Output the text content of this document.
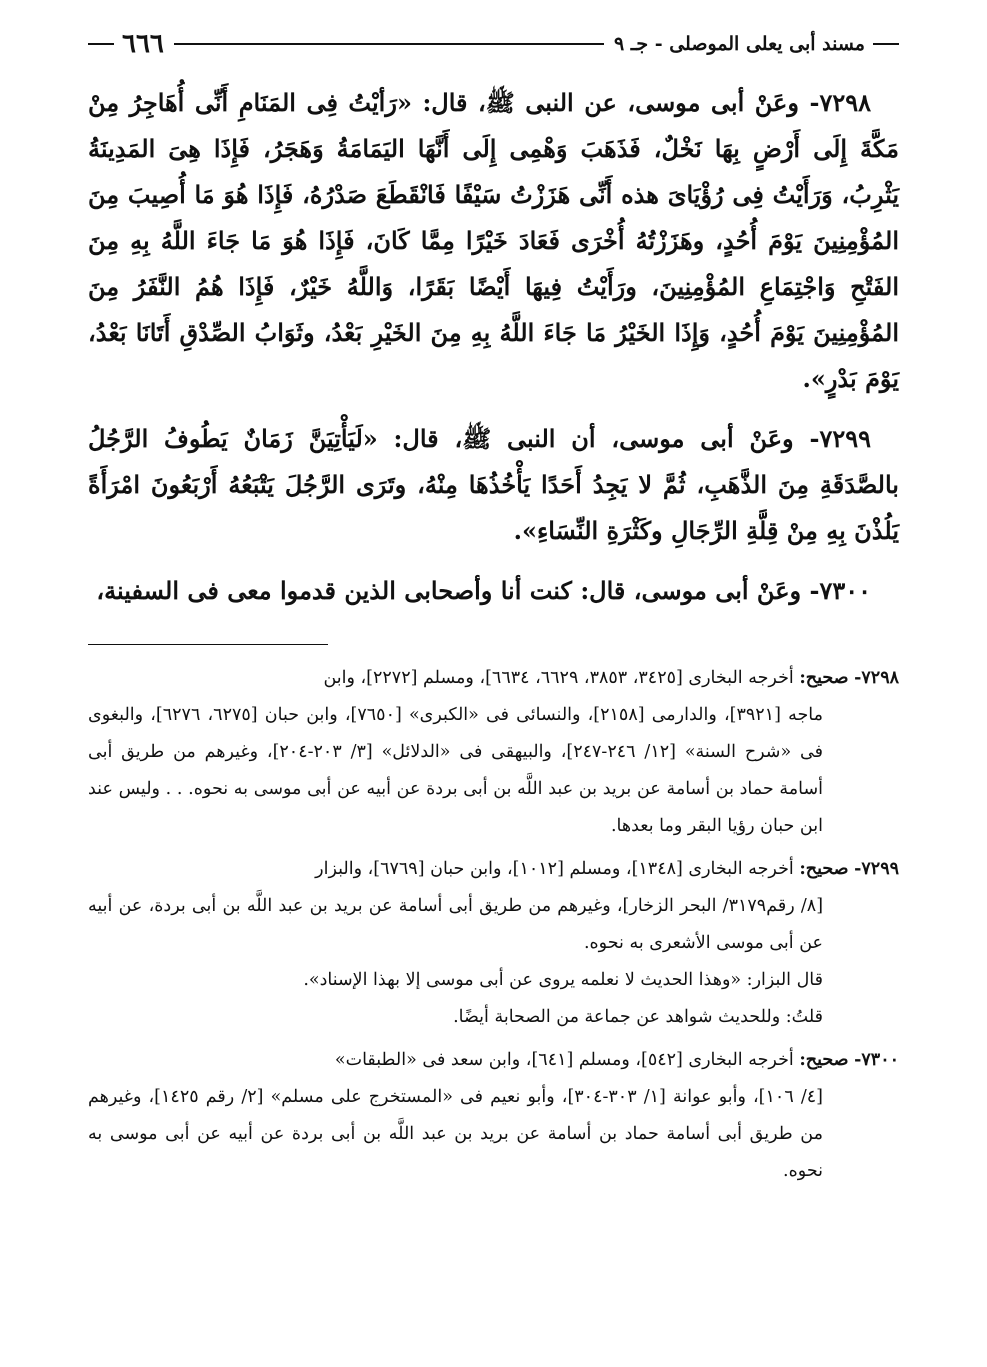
مسند أبى يعلى الموصلى - جـ ٩
٦٦٦

٧٢٩٨- وعَنْ أبى موسى، عن النبى ﷺ، قال: «رَأيْتُ فِى المَنَامِ أَنِّى أُهَاجِرُ مِنْ مَكَّةَ إِلَى أَرْضٍ بِهَا نَخْلٌ، فَذَهَبَ وَهْمِى إِلَى أَنَّهَا اليَمَامَةُ وَهَجَرُ، فَإِذَا هِىَ المَدِينَةُ يَثْرِبُ، وَرَأَيْتُ فِى رُؤْيَاىَ هذه أَنِّى هَزَزْتُ سَيْفًا فَانْقَطَعَ صَدْرُهُ، فَإِذَا هُوَ مَا أُصِيبَ مِنَ المُؤْمِنِينَ يَوْمَ أُحُدٍ، وهَزَزْتُهُ أُخْرَى فَعَادَ خَيْرًا مِمَّا كَانَ، فَإِذَا هُوَ مَا جَاءَ اللَّهُ بِهِ مِنَ الفَتْحِ وَاجْتِمَاعِ المُؤْمِنِينَ، ورَأَيْتُ فِيهَا أَيْضًا بَقَرًا، وَاللَّهُ خَيْرٌ، فَإِذَا هُمُ النَّفَرُ مِنَ المُؤْمِنِينَ يَوْمَ أُحُدٍ، وَإِذَا الخَيْرُ مَا جَاءَ اللَّهُ بِهِ مِنَ الخَيْرِ بَعْدُ، وثَوَابُ الصِّدْقِ أَتَانَا بَعْدُ، يَوْمَ بَدْرٍ».

٧٢٩٩- وعَنْ أبى موسى، أن النبى ﷺ، قال: «لَيَأْتِيَنَّ زَمَانٌ يَطُوفُ الرَّجُلُ بالصَّدَقَةِ مِنَ الذَّهَبِ، ثُمَّ لا يَجِدُ أَحَدًا يَأْخُذُهَا مِنْهُ، وتَرَى الرَّجُلَ يَتْبَعُهُ أَرْبَعُونَ امْرَأَةً يَلُذْنَ بِهِ مِنْ قِلَّةِ الرِّجَالِ وكَثْرَةِ النِّسَاءِ».

٧٣٠٠- وعَنْ أبى موسى، قال: كنت أنا وأصحابى الذين قدموا معى فى السفينة،

٧٢٩٨- صحيح: أخرجه البخارى [٣٤٢٥، ٣٨٥٣، ٦٦٢٩، ٦٦٣٤]، ومسلم [٢٢٧٢]، وابن
ماجه [٣٩٢١]، والدارمى [٢١٥٨]، والنسائى فى «الكبرى» [٧٦٥٠]، وابن حبان [٦٢٧٥، ٦٢٧٦]، والبغوى فى «شرح السنة» [١٢/ ٢٤٦-٢٤٧]، والبيهقى فى «الدلائل» [٣/ ٢٠٣-٢٠٤]، وغيرهم من طريق أبى أسامة حماد بن أسامة عن بريد بن عبد اللَّه بن أبى بردة عن أبيه عن أبى موسى به نحوه. . . وليس عند ابن حبان رؤيا البقر وما بعدها.
٧٢٩٩- صحيح: أخرجه البخارى [١٣٤٨]، ومسلم [١٠١٢]، وابن حبان [٦٧٦٩]، والبزار
[٨/ رقم٣١٧٩/ البحر الزخار]، وغيرهم من طريق أبى أسامة عن بريد بن عبد اللَّه بن أبى بردة، عن أبيه عن أبى موسى الأشعرى به نحوه.
قال البزار: «وهذا الحديث لا نعلمه يروى عن أبى موسى إلا بهذا الإسناد».
قلتُ: وللحديث شواهد عن جماعة من الصحابة أيضًا.
٧٣٠٠- صحيح: أخرجه البخارى [٥٤٢]، ومسلم [٦٤١]، وابن سعد فى «الطبقات»
[٤/ ١٠٦]، وأبو عوانة [١/ ٣٠٣-٣٠٤]، وأبو نعيم فى «المستخرج على مسلم» [٢/ رقم ١٤٢٥]، وغيرهم من طريق أبى أسامة حماد بن أسامة عن بريد بن عبد اللَّه بن أبى بردة عن أبيه عن أبى موسى به نحوه.
